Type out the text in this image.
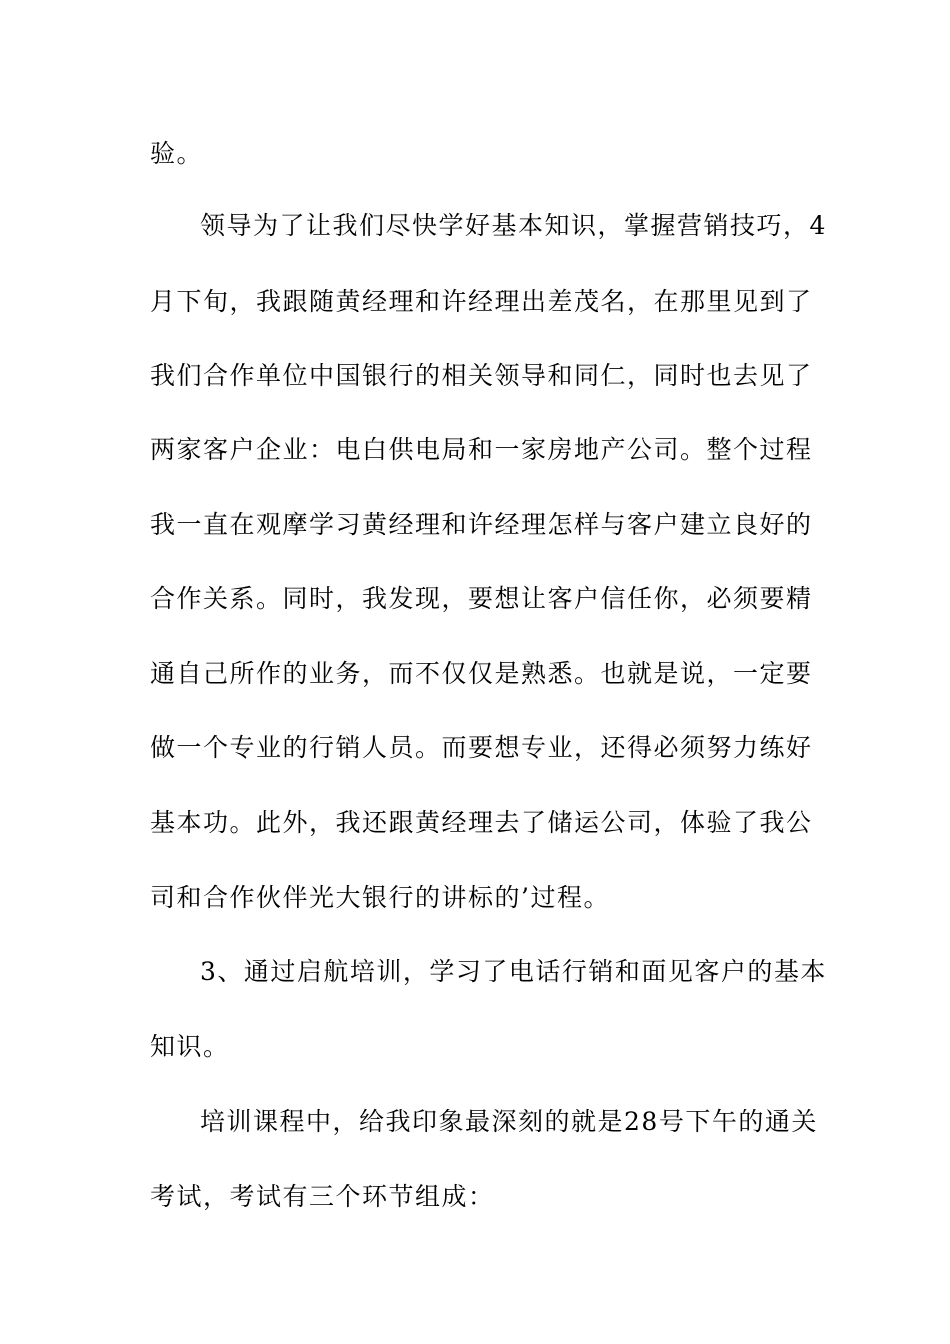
验。
领导为了让我们尽快学好基本知识，掌握营销技巧，4
月下旬，我跟随黄经理和许经理出差茂名，在那里见到了
我们合作单位中国银行的相关领导和同仁，同时也去见了
两家客户企业：电白供电局和一家房地产公司。整个过程
我一直在观摩学习黄经理和许经理怎样与客户建立良好的
合作关系。同时，我发现，要想让客户信任你，必须要精
通自己所作的业务，而不仅仅是熟悉。也就是说，一定要
做一个专业的行销人员。而要想专业，还得必须努力练好
基本功。此外，我还跟黄经理去了储运公司，体验了我公
司和合作伙伴光大银行的讲标的’过程。
3、通过启航培训，学习了电话行销和面见客户的基本
知识。
培训课程中，给我印象最深刻的就是28号下午的通关
考试，考试有三个环节组成：
